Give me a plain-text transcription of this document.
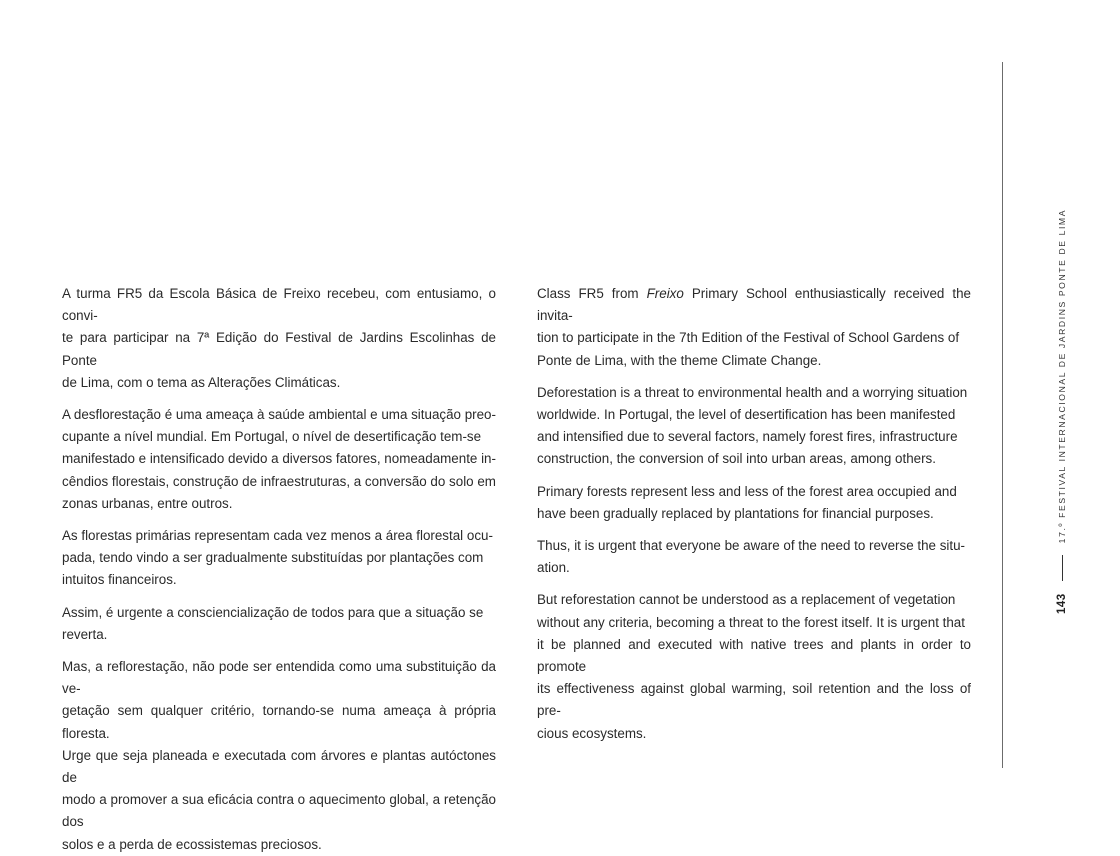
A turma FR5 da Escola Básica de Freixo recebeu, com entusiamo, o convi-
te para participar na 7ª Edição do Festival de Jardins Escolinhas de Ponte
de Lima, com o tema as Alterações Climáticas.

A desflorestação é uma ameaça à saúde ambiental e uma situação preo-
cupante a nível mundial. Em Portugal, o nível de desertificação tem-se
manifestado e intensificado devido a diversos fatores, nomeadamente in-
cêndios florestais, construção de infraestruturas, a conversão do solo em
zonas urbanas, entre outros.

As florestas primárias representam cada vez menos a área florestal ocu-
pada, tendo vindo a ser gradualmente substituídas por plantações com
intuitos financeiros.

Assim, é urgente a consciencialização de todos para que a situação se
reverta.

Mas, a reflorestação, não pode ser entendida como uma substituição da ve-
getação sem qualquer critério, tornando-se numa ameaça à própria floresta.
Urge que seja planeada e executada com árvores e plantas autóctones de
modo a promover a sua eficácia contra o aquecimento global, a retenção dos
solos e a perda de ecossistemas preciosos.

Class FR5 from Freixo Primary School enthusiastically received the invita-
tion to participate in the 7th Edition of the Festival of School Gardens of
Ponte de Lima, with the theme Climate Change.

Deforestation is a threat to environmental health and a worrying situation
worldwide. In Portugal, the level of desertification has been manifested
and intensified due to several factors, namely forest fires, infrastructure
construction, the conversion of soil into urban areas, among others.

Primary forests represent less and less of the forest area occupied and
have been gradually replaced by plantations for financial purposes.

Thus, it is urgent that everyone be aware of the need to reverse the situ-
ation.

But reforestation cannot be understood as a replacement of vegetation
without any criteria, becoming a threat to the forest itself. It is urgent that
it be planned and executed with native trees and plants in order to promote
its effectiveness against global warming, soil retention and the loss of pre-
cious ecosystems.

143
17.º FESTIVAL INTERNACIONAL DE JARDINS PONTE DE LIMA
